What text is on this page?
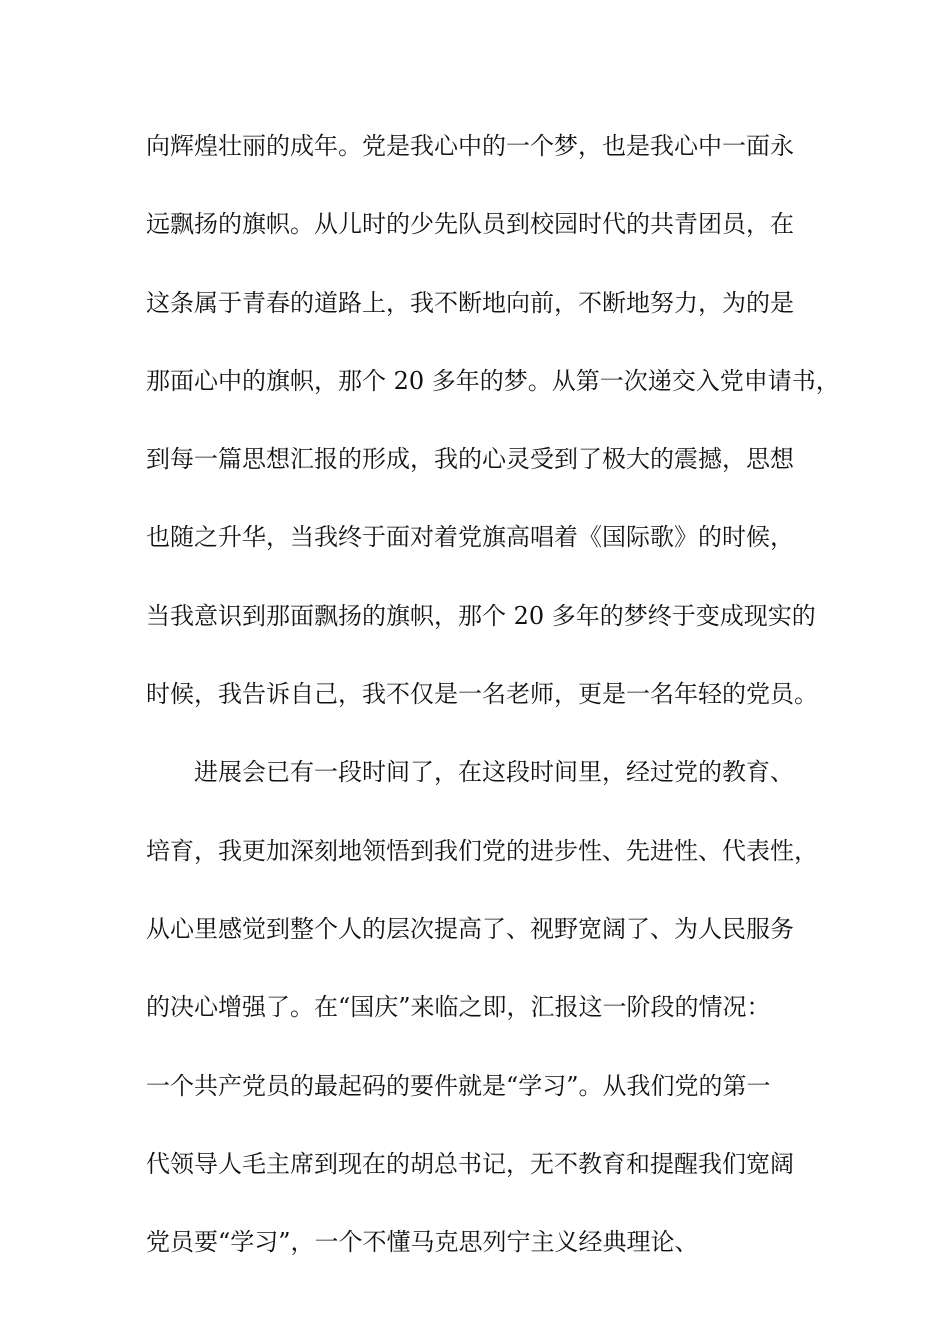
向辉煌壮丽的成年。党是我心中的一个梦，也是我心中一面永
远飘扬的旗帜。从儿时的少先队员到校园时代的共青团员，在
这条属于青春的道路上，我不断地向前，不断地努力，为的是
那面心中的旗帜，那个 20 多年的梦。从第一次递交入党申请书，
到每一篇思想汇报的形成，我的心灵受到了极大的震撼，思想
也随之升华，当我终于面对着党旗高唱着《国际歌》的时候，
当我意识到那面飘扬的旗帜，那个 20 多年的梦终于变成现实的
时候，我告诉自己，我不仅是一名老师，更是一名年轻的党员。
进展会已有一段时间了，在这段时间里，经过党的教育、
培育，我更加深刻地领悟到我们党的进步性、先进性、代表性，
从心里感觉到整个人的层次提高了、视野宽阔了、为人民服务
的决心增强了。在“国庆”来临之即，汇报这一阶段的情况：
一个共产党员的最起码的要件就是“学习”。从我们党的第一
代领导人毛主席到现在的胡总书记，无不教育和提醒我们宽阔
党员要“学习”，一个不懂马克思列宁主义经典理论、
